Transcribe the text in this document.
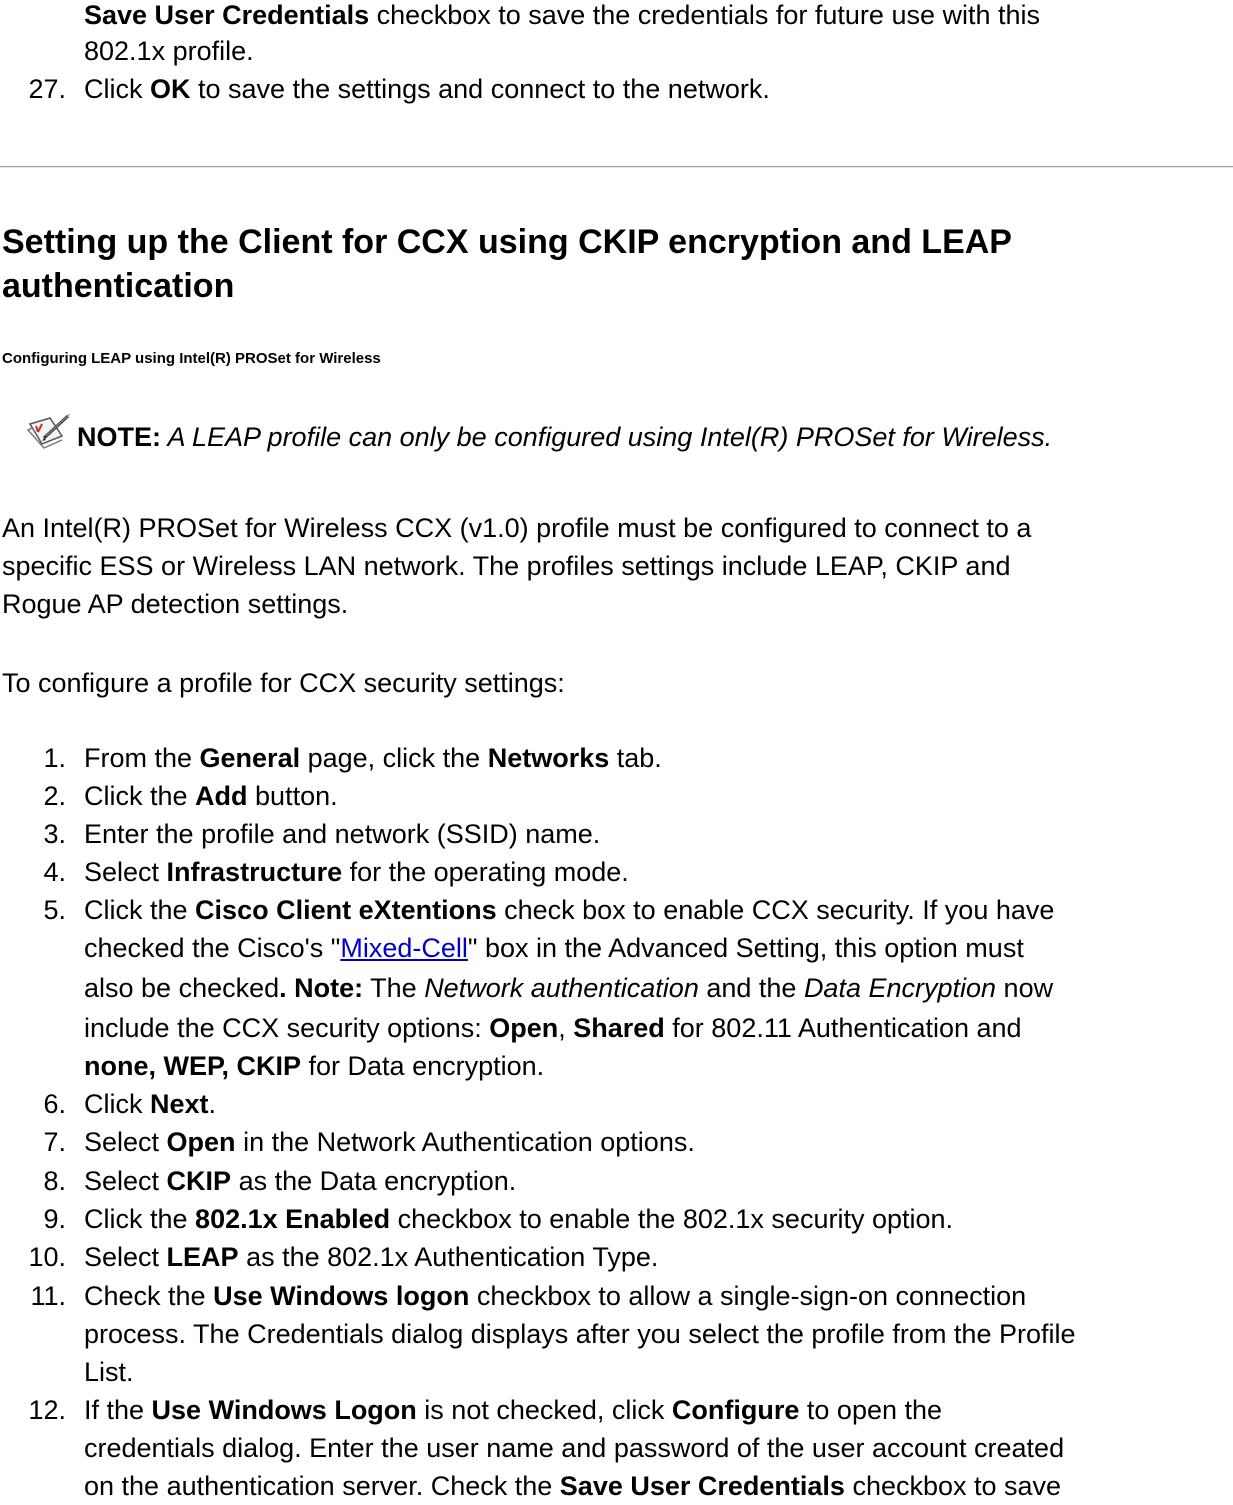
Save User Credentials checkbox to save the credentials for future use with this
802.1x profile.
27. Click OK to save the settings and connect to the network.
Setting up the Client for CCX using CKIP encryption and LEAP
authentication
Configuring LEAP using Intel(R) PROSet for Wireless
NOTE: A LEAP profile can only be configured using Intel(R) PROSet for Wireless.
An Intel(R) PROSet for Wireless CCX (v1.0) profile must be configured to connect to a
specific ESS or Wireless LAN network. The profiles settings include LEAP, CKIP and
Rogue AP detection settings.
To configure a profile for CCX security settings:
1. From the General page, click the Networks tab.
2. Click the Add button.
3. Enter the profile and network (SSID) name.
4. Select Infrastructure for the operating mode.
5. Click the Cisco Client eXtentions check box to enable CCX security. If you have
checked the Cisco's "Mixed-Cell" box in the Advanced Setting, this option must
also be checked. Note: The Network authentication and the Data Encryption now
include the CCX security options: Open, Shared for 802.11 Authentication and
none, WEP, CKIP for Data encryption.
6. Click Next.
7. Select Open in the Network Authentication options.
8. Select CKIP as the Data encryption.
9. Click the 802.1x Enabled checkbox to enable the 802.1x security option.
10. Select LEAP as the 802.1x Authentication Type.
11. Check the Use Windows logon checkbox to allow a single-sign-on connection
process. The Credentials dialog displays after you select the profile from the Profile
List.
12. If the Use Windows Logon is not checked, click Configure to open the
credentials dialog. Enter the user name and password of the user account created
on the authentication server. Check the Save User Credentials checkbox to save
